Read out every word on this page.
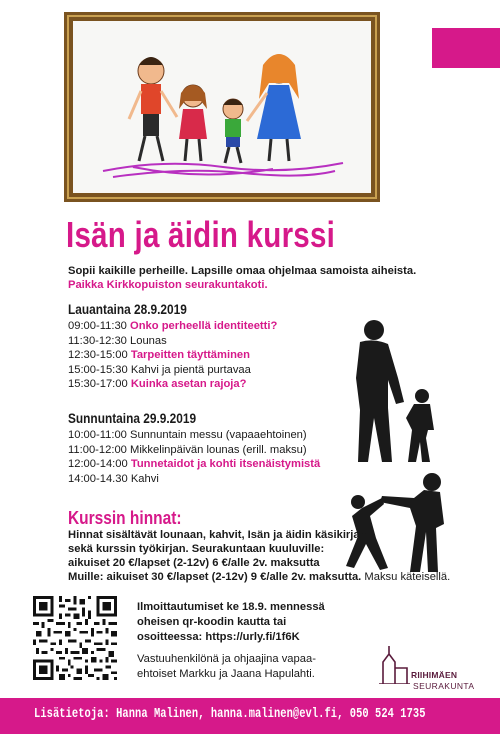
Isän ja äidin kurssi
Sopii kaikille perheille. Lapsille omaa ohjelmaa samoista aiheista.
Paikka Kirkkopuiston seurakuntakoti.
Lauantaina 28.9.2019
09:00-11:30 Onko perheellä identiteetti?
11:30-12:30 Lounas
12:30-15:00 Tarpeitten täyttäminen
15:00-15:30 Kahvi ja pientä purtavaa
15:30-17:00 Kuinka asetan rajoja?
Sunnuntaina 29.9.2019
10:00-11:00 Sunnuntain messu (vapaaehtoinen)
11:00-12:00 Mikkelinpäivän lounas (erill. maksu)
12:00-14:00 Tunnetaidot ja kohti itsenäistymistä
14:00-14.30 Kahvi
Kurssin hinnat:
Hinnat sisältävät lounaan, kahvit, Isän ja äidin käsikirjan
sekä kurssin työkirjan. Seurakuntaan kuuluville:
aikuiset 20 €/lapset (2-12v) 6 €/alle 2v. maksutta
Muille: aikuiset 30 €/lapset (2-12v) 9 €/alle 2v. maksutta. Maksu käteisellä.
Ilmoittautumiset ke 18.9. mennessä
oheisen qr-koodin kautta tai
osoitteessa: https://urly.fi/1f6K
Vastuuhenkilönä ja ohjaajina vapaa-
ehtoiset Markku ja Jaana Hapulahti.	RIIHIMÄEN
SEURAKUNTA
Lisätietoja: Hanna Malinen, hanna.malinen@evl.fi, 050 524 1735
